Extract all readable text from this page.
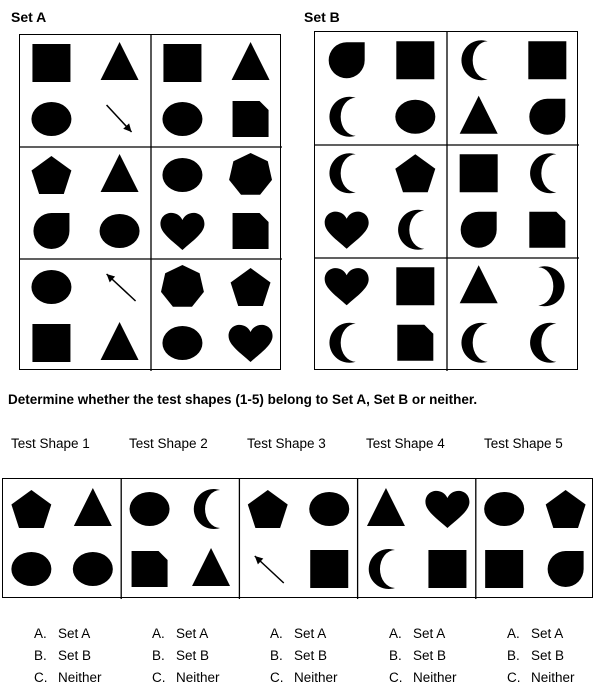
Set A	Set B
Determine whether the test shapes (1-5) belong to Set A, Set B or neither.
Test Shape 1	Test Shape 2	Test Shape 3	Test Shape 4	Test Shape 5
A. Set A
B. Set B
C. Neither
A. Set A
B. Set B
C. Neither
A. Set A
B. Set B
C. Neither
A. Set A
B. Set B
C. Neither
A. Set A
B. Set B
C. Neither
